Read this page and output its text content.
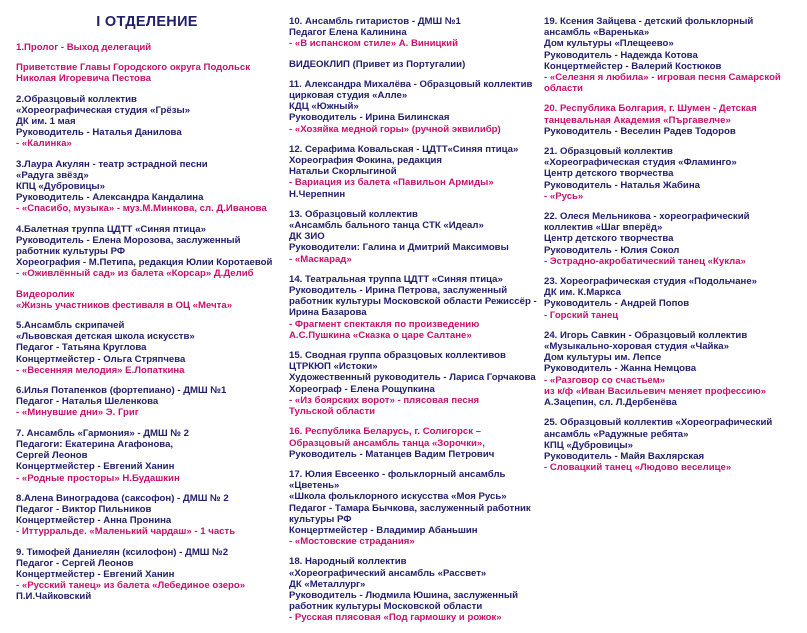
I ОТДЕЛЕНИЕ
1.Пролог - Выход делегаций
Приветствие Главы Городского округа Подольск
Николая Игоревича Пестова
2.Образцовый коллектив
«Хореографическая студия «Грёзы»
ДК им. 1 мая
Руководитель - Наталья Данилова
- «Калинка»
3.Лаура Акулян - театр эстрадной песни
«Радуга звёзд»
КПЦ «Дубровицы»
Руководитель - Александра Кандалина
- «Спасибо, музыка» - муз.М.Минкова, сл. Д.Иванова
4.Балетная труппа ЦДТТ «Синяя птица»
Руководитель - Елена Морозова, заслуженный
работник культуры РФ
Хореография - М.Петипа, редакция Юлии Коротаевой
- «Оживлённый сад» из балета «Корсар» Д.Делиб
Видеоролик
«Жизнь участников фестиваля в ОЦ «Мечта»
5.Ансамбль скрипачей
«Львовская детская школа искусств»
Педагог - Татьяна Круглова
Концертмейстер - Ольга Стряпчева
- «Весенняя мелодия» Е.Лопаткина
6.Илья Потапенков (фортепиано) - ДМШ №1
Педагог - Наталья Шеленкова
- «Минувшие дни» Э. Григ
7. Ансамбль «Гармония» - ДМШ № 2
Педагоги: Екатерина Агафонова,
Сергей Леонов
Концертмейстер - Евгений Ханин
- «Родные просторы» Н.Будашкин
8.Алена Виноградова (саксофон) - ДМШ № 2
Педагог - Виктор Пильников
Концертмейстер - Анна Пронина
- Иттурральде. «Маленький чардаш» - 1 часть
9. Тимофей Даниелян (ксилофон) - ДМШ №2
Педагог - Сергей Леонов
Концертмейстер - Евгений Ханин
- «Русский танец» из балета «Лебединое озеро»
П.И.Чайковский
10. Ансамбль гитаристов - ДМШ №1
Педагог Елена Калинина
- «В испанском стиле» А. Виницкий
ВИДЕОКЛИП (Привет из Португалии)
11. Александра Михалёва - Образцовый коллектив
цирковая студия «Алле»
КДЦ «Южный»
Руководитель - Ирина Билинская
- «Хозяйка медной горы» (ручной эквилибр)
12. Серафима Ковальская - ЦДТТ«Синяя птица»
Хореография Фокина, редакция
Натальи Скорлыгиной
- Вариация из балета «Павильон Армиды»
Н.Черепнин
13. Образцовый коллектив
«Ансамбль бального танца СТК «Идеал»
ДК ЗИО
Руководители: Галина и Дмитрий Максимовы
- «Маскарад»
14. Театральная труппа ЦДТТ «Синяя птица»
Руководитель - Ирина Петрова, заслуженный
работник культуры Московской области Режиссёр -
Ирина Базарова
- Фрагмент спектакля по произведению
А.С.Пушкина «Сказка о царе Салтане»
15. Сводная группа образцовых коллективов
ЦТРКЮП «Истоки»
Художественный руководитель - Лариса Горчакова
Хореограф - Елена Рощупкина
- «Из боярских ворот» - плясовая песня
Тульской области
16. Республика Беларусь, г. Солигорск –
Образцовый ансамбль танца «Зорочки»,
Руководитель - Матанцев Вадим Петрович
17. Юлия Евсеенко - фольклорный ансамбль
«Цветень»
«Школа фольклорного искусства «Моя Русь»
Педагог - Тамара Бычкова, заслуженный работник
культуры РФ
Концертмейстер - Владимир Абаньшин
- «Мостовские страдания»
18. Народный коллектив
«Хореографический ансамбль «Рассвет»
ДК «Металлург»
Руководитель - Людмила Юшина, заслуженный
работник культуры Московской области
- Русская плясовая «Под гармошку и рожок»
19. Ксения Зайцева - детский фольклорный
ансамбль «Варенька»
Дом культуры «Плещеево»
Руководитель - Надежда Котова
Концертмейстер - Валерий Костюков
- «Селезня я любила» - игровая песня Самарской
области
20. Республика Болгария, г. Шумен - Детская
танцевальная Академия «Пъргавелче»
Руководитель - Веселин Радев Тодоров
21. Образцовый коллектив
«Хореографическая студия «Фламинго»
Центр детского творчества
Руководитель - Наталья Жабина
- «Русь»
22. Олеся Мельникова - хореографический
коллектив «Шаг вперёд»
Центр детского творчества
Руководитель - Юлия Сокол
- Эстрадно-акробатический танец «Кукла»
23. Хореографическая студия «Подольчане»
ДК им. К.Маркса
Руководитель - Андрей Попов
- Горский танец
24. Игорь Савкин - Образцовый коллектив
«Музыкально-хоровая студия «Чайка»
Дом культуры им. Лепсе
Руководитель - Жанна Немцова
- «Разговор со счастьем»
из к/ф «Иван Васильевич меняет профессию»
А.Зацепин, сл. Л.Дербенёва
25. Образцовый коллектив «Хореографический
ансамбль «Радужные ребята»
КПЦ «Дубровицы»
Руководитель - Майя Вахлярская
- Словацкий танец «Людово веселице»
